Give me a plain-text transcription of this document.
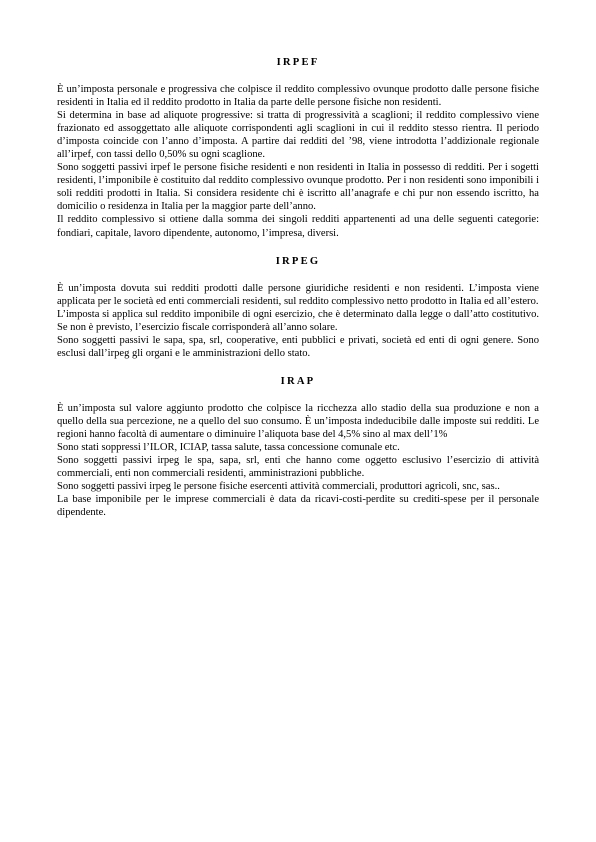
IRPEF

È un’imposta personale e progressiva che colpisce il reddito complessivo ovunque prodotto dalle persone fisiche residenti in Italia ed il reddito prodotto in Italia da parte delle persone fisiche non residenti.

Si determina in base ad aliquote progressive: si tratta di progressività a scaglioni; il reddito complessivo viene frazionato ed assoggettato alle aliquote corrispondenti agli scaglioni in cui il reddito stesso rientra. Il periodo d’imposta coincide con l’anno d’imposta. A partire dai redditi del ’98, viene introdotta l’addizionale regionale all’irpef, con tassi dello 0,50% su ogni scaglione.

Sono soggetti passivi irpef le persone fisiche residenti e non residenti in Italia in possesso di redditi. Per i sogetti residenti, l’imponibile è costituito dal reddito complessivo ovunque prodotto. Per i non residenti sono imponibili i soli redditi prodotti in Italia. Si considera residente chi è iscritto all’anagrafe e chi pur non essendo iscritto, ha domicilio o residenza in Italia per la maggior parte dell’anno.

Il reddito complessivo si ottiene dalla somma dei singoli redditi appartenenti ad una delle seguenti categorie: fondiari, capitale, lavoro dipendente, autonomo, l’impresa, diversi.

IRPEG

È un’imposta dovuta sui redditi prodotti dalle persone giuridiche residenti e non residenti. L’imposta viene applicata per le società ed enti commerciali residenti, sul reddito complessivo netto prodotto in Italia ed all’estero.

L’imposta si applica sul reddito imponibile di ogni esercizio, che è determinato dalla legge o dall’atto costitutivo. Se non è previsto, l’esercizio fiscale corrisponderà all’anno solare.

Sono soggetti passivi le sapa, spa, srl, cooperative, enti pubblici e privati, società ed enti di ogni genere. Sono esclusi dall’irpeg gli organi e le amministrazioni dello stato.

IRAP

È un’imposta sul valore aggiunto prodotto che colpisce la ricchezza allo stadio della sua produzione e non a quello della sua percezione, ne a quello del suo consumo. È un’imposta indeducibile dalle imposte sui redditi. Le regioni hanno facoltà di aumentare o diminuire l’aliquota base del 4,5% sino al max dell’1%

Sono stati soppressi l’ILOR, ICIAP, tassa salute, tassa concessione comunale etc.

Sono soggetti passivi irpeg le spa, sapa, srl, enti che hanno come oggetto esclusivo l’esercizio di attività commerciali, enti non commerciali residenti, amministrazioni pubbliche.

Sono soggetti passivi irpeg le persone fisiche esercenti attività commerciali, produttori agricoli, snc, sas..

La base imponibile per le imprese commerciali è data da ricavi-costi-perdite su crediti-spese per il personale dipendente.
